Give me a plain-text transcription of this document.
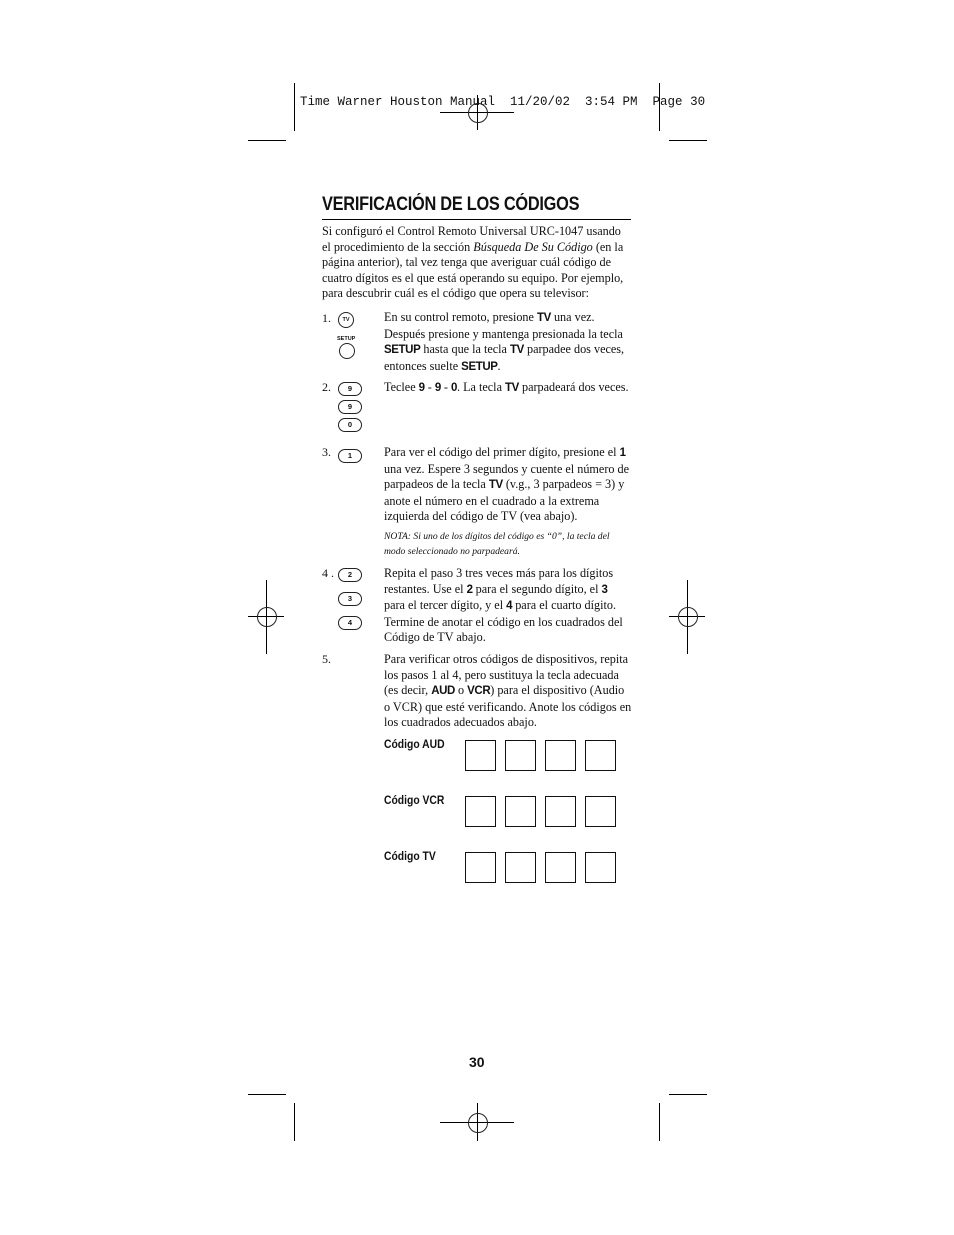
Time Warner Houston Manual  11/20/02  3:54 PM  Page 30
VERIFICACIÓN DE LOS CÓDIGOS
Si configuró el Control Remoto Universal URC-1047 usando el procedimiento de la sección Búsqueda De Su Código (en la página anterior), tal vez tenga que averiguar cuál código de cuatro dígitos es el que está operando su equipo. Por ejemplo, para descubrir cuál es el código que opera su televisor:
1.	TV
SETUP
En su control remoto, presione TV una vez. Después presione y mantenga presionada la tecla SETUP hasta que la tecla TV parpadee dos veces, entonces suelte SETUP.
2.	9
9
0
Teclee 9 - 9 - 0. La tecla TV parpadeará dos veces.
3.	1	Para ver el código del primer dígito, presione el 1 una vez. Espere 3 segundos y cuente el número de parpadeos de la tecla TV (v.g., 3 parpadeos = 3) y anote el número en el cuadrado a la extrema izquierda del código de TV (vea abajo).
NOTA: Si uno de los dígitos del código es “0”, la tecla del modo seleccionado no parpadeará.
4 .	2
3
4
Repita el paso 3 tres veces más para los dígitos restantes. Use el 2 para el segundo dígito, el 3 para el tercer dígito, y el 4 para el cuarto dígito. Termine de anotar el código en los cuadrados del Código de TV abajo.
5.	Para verificar otros códigos de dispositivos, repita los pasos 1 al 4, pero sustituya la tecla adecuada (es decir, AUD o VCR) para el dispositivo (Audio o VCR) que esté verificando. Anote los códigos en los cuadrados adecuados abajo.
Código AUD
Código VCR
Código TV
30
